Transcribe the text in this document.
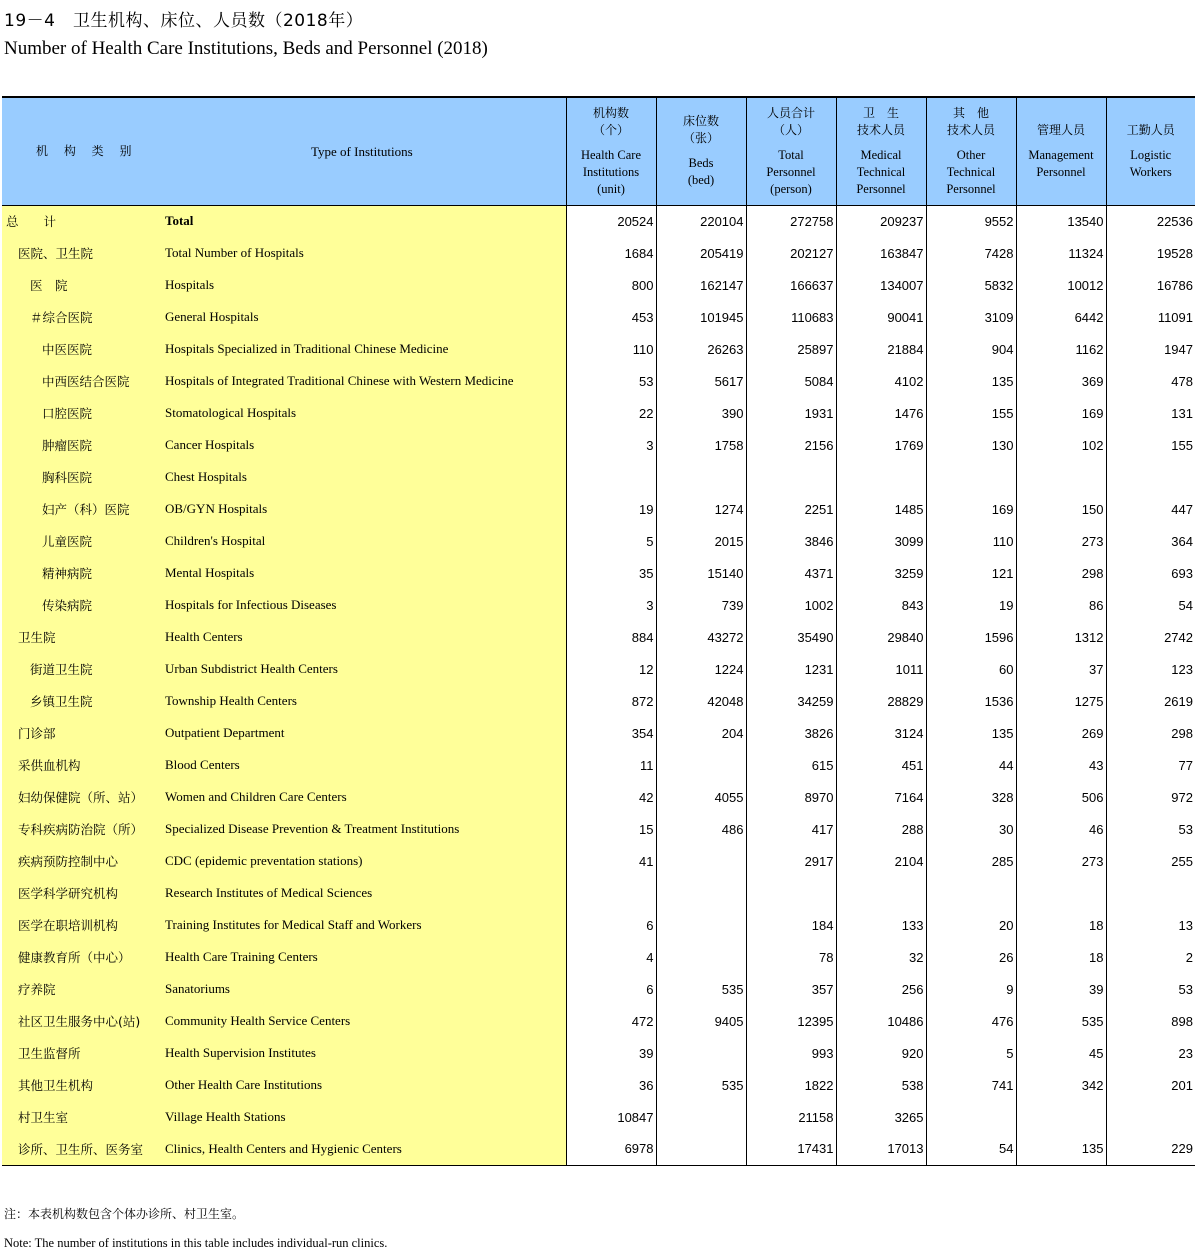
19－4　卫生机构、床位、人员数（2018年）
Number of Health Care Institutions, Beds and Personnel (2018)
机 构 类 别	Type of Institutions	机构数
（个）
Health Care
Institutions
(unit)	床位数
（张）
Beds
(bed)	人员合计
（人）
Total
Personnel
(person)	卫　生
技术人员
Medical
Technical
Personnel	其　他
技术人员
Other
Technical
Personnel	管理人员
Management
Personnel	工勤人员
Logistic
Workers

总　　计	Total	20524	220104	272758	209237	9552	13540	22536
医院、卫生院	Total Number of Hospitals	1684	205419	202127	163847	7428	11324	19528
医　院	Hospitals	800	162147	166637	134007	5832	10012	16786
＃综合医院	General Hospitals	453	101945	110683	90041	3109	6442	11091
中医医院	Hospitals Specialized in Traditional Chinese Medicine	110	26263	25897	21884	904	1162	1947
中西医结合医院	Hospitals of Integrated Traditional Chinese with Western Medicine	53	5617	5084	4102	135	369	478
口腔医院	Stomatological Hospitals	22	390	1931	1476	155	169	131
肿瘤医院	Cancer Hospitals	3	1758	2156	1769	130	102	155
胸科医院	Chest Hospitals							
妇产（科）医院	OB/GYN Hospitals	19	1274	2251	1485	169	150	447
儿童医院	Children's Hospital	5	2015	3846	3099	110	273	364
精神病院	Mental Hospitals	35	15140	4371	3259	121	298	693
传染病院	Hospitals for Infectious Diseases	3	739	1002	843	19	86	54
卫生院	Health Centers	884	43272	35490	29840	1596	1312	2742
街道卫生院	Urban Subdistrict Health Centers	12	1224	1231	1011	60	37	123
乡镇卫生院	Township Health Centers	872	42048	34259	28829	1536	1275	2619
门诊部	Outpatient Department	354	204	3826	3124	135	269	298
采供血机构	Blood Centers	11		615	451	44	43	77
妇幼保健院（所、站）	Women and Children Care Centers	42	4055	8970	7164	328	506	972
专科疾病防治院（所）	Specialized Disease Prevention & Treatment Institutions	15	486	417	288	30	46	53
疾病预防控制中心	CDC (epidemic preventation stations)	41		2917	2104	285	273	255
医学科学研究机构	Research Institutes of Medical Sciences							
医学在职培训机构	Training Institutes for Medical Staff and Workers	6		184	133	20	18	13
健康教育所（中心）	Health Care Training Centers	4		78	32	26	18	2
疗养院	Sanatoriums	6	535	357	256	9	39	53
社区卫生服务中心(站)	Community Health Service Centers	472	9405	12395	10486	476	535	898
卫生监督所	Health Supervision Institutes	39		993	920	5	45	23
其他卫生机构	Other Health Care Institutions	36	535	1822	538	741	342	201
村卫生室	Village Health Stations	10847		21158	3265			
诊所、卫生所、医务室	Clinics, Health Centers and Hygienic Centers	6978		17431	17013	54	135	229
注：本表机构数包含个体办诊所、村卫生室。
Note: The number of institutions in this table includes individual-run clinics.
